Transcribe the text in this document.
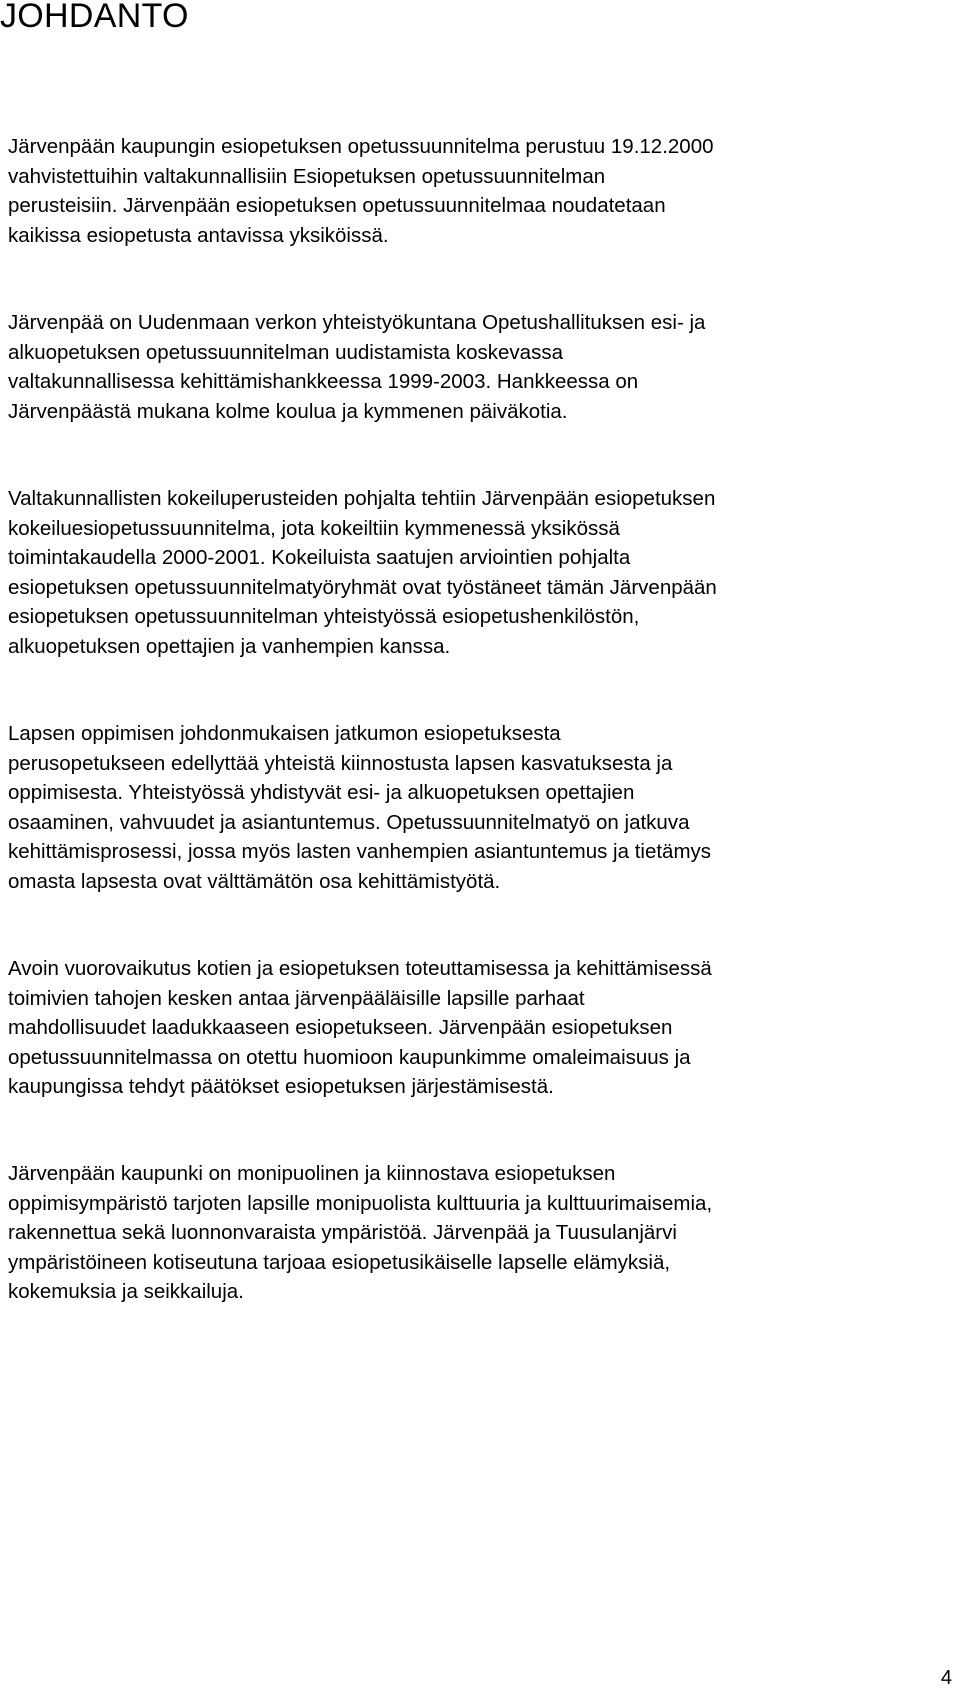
JOHDANTO

Järvenpään kaupungin esiopetuksen opetussuunnitelma perustuu 19.12.2000
vahvistettuihin valtakunnallisiin Esiopetuksen opetussuunnitelman
perusteisiin. Järvenpään esiopetuksen opetussuunnitelmaa noudatetaan
kaikissa esiopetusta antavissa yksiköissä.

Järvenpää on Uudenmaan verkon yhteistyökuntana Opetushallituksen esi- ja
alkuopetuksen opetussuunnitelman uudistamista koskevassa
valtakunnallisessa kehittämishankkeessa 1999-2003. Hankkeessa on
Järvenpäästä mukana kolme koulua ja kymmenen päiväkotia.

Valtakunnallisten kokeiluperusteiden pohjalta tehtiin Järvenpään esiopetuksen
kokeiluesiopetussuunnitelma, jota kokeiltiin kymmenessä yksikössä
toimintakaudella 2000-2001. Kokeiluista saatujen arviointien pohjalta
esiopetuksen opetussuunnitelmatyöryhmät ovat työstäneet tämän Järvenpään
esiopetuksen opetussuunnitelman yhteistyössä esiopetushenkilöstön,
alkuopetuksen opettajien ja vanhempien kanssa.

Lapsen oppimisen johdonmukaisen jatkumon esiopetuksesta
perusopetukseen edellyttää yhteistä kiinnostusta lapsen kasvatuksesta ja
oppimisesta. Yhteistyössä yhdistyvät esi- ja alkuopetuksen opettajien
osaaminen, vahvuudet ja asiantuntemus. Opetussuunnitelmatyö on jatkuva
kehittämisprosessi, jossa myös lasten vanhempien asiantuntemus ja tietämys
omasta lapsesta ovat välttämätön osa kehittämistyötä.

Avoin vuorovaikutus kotien ja esiopetuksen toteuttamisessa ja kehittämisessä
toimivien tahojen kesken antaa järvenpääläisille lapsille parhaat
mahdollisuudet laadukkaaseen esiopetukseen. Järvenpään esiopetuksen
opetussuunnitelmassa on otettu huomioon kaupunkimme omaleimaisuus ja
kaupungissa tehdyt päätökset esiopetuksen järjestämisestä.

Järvenpään kaupunki on monipuolinen ja kiinnostava esiopetuksen
oppimisympäristö tarjoten lapsille monipuolista kulttuuria ja kulttuurimaisemia,
rakennettua sekä luonnonvaraista ympäristöä. Järvenpää ja Tuusulanjärvi
ympäristöineen kotiseutuna tarjoaa esiopetusikäiselle lapselle elämyksiä,
kokemuksia ja seikkailuja.

4
